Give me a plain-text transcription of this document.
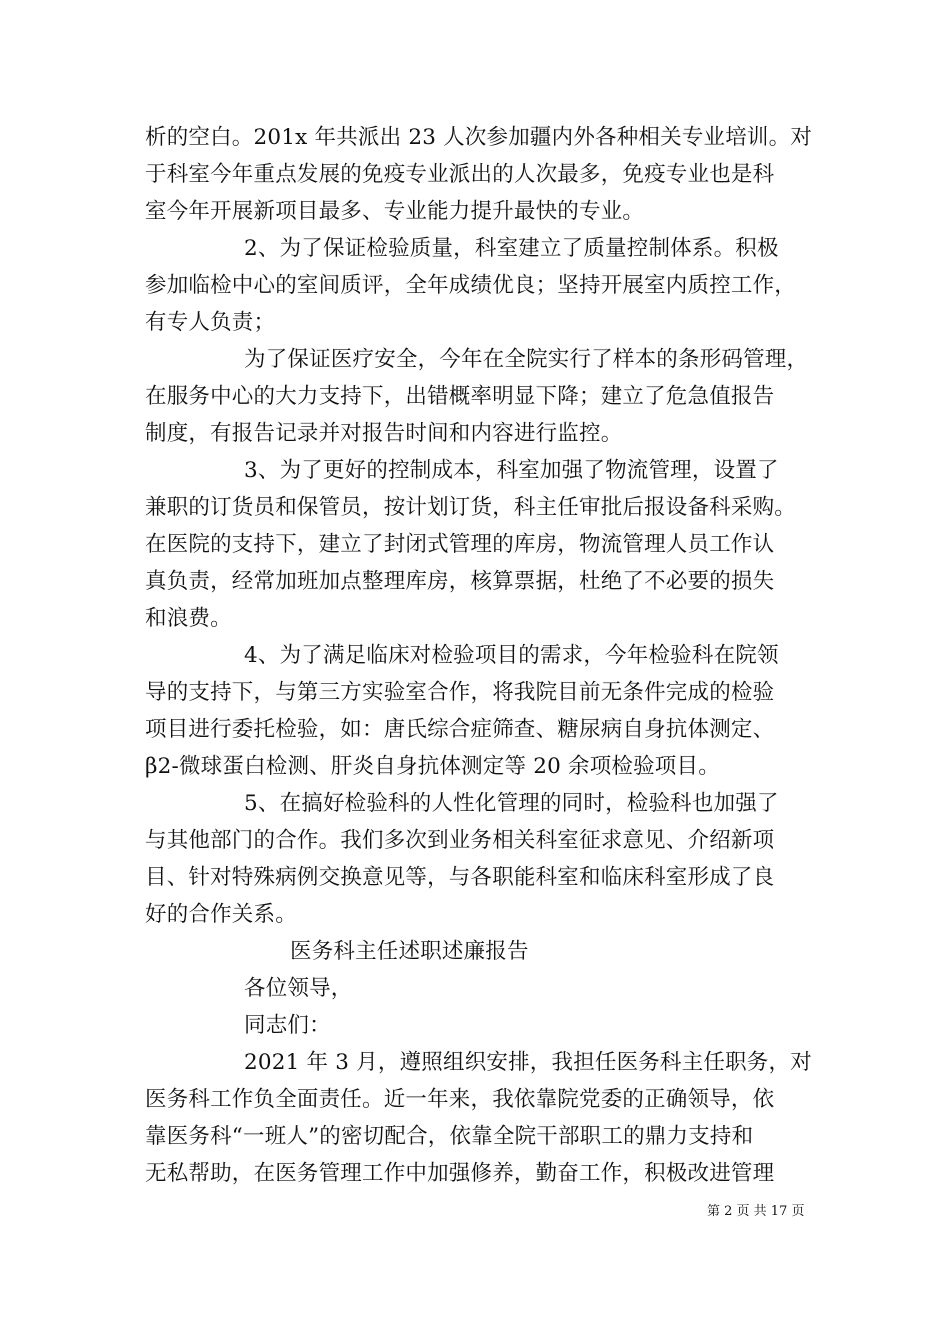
析的空白。201x 年共派出 23 人次参加疆内外各种相关专业培训。对
于科室今年重点发展的免疫专业派出的人次最多，免疫专业也是科
室今年开展新项目最多、专业能力提升最快的专业。
2、为了保证检验质量，科室建立了质量控制体系。积极
参加临检中心的室间质评，全年成绩优良；坚持开展室内质控工作，
有专人负责；
为了保证医疗安全，今年在全院实行了样本的条形码管理，
在服务中心的大力支持下，出错概率明显下降；建立了危急值报告
制度，有报告记录并对报告时间和内容进行监控。
3、为了更好的控制成本，科室加强了物流管理，设置了
兼职的订货员和保管员，按计划订货，科主任审批后报设备科采购。
在医院的支持下，建立了封闭式管理的库房，物流管理人员工作认
真负责，经常加班加点整理库房，核算票据，杜绝了不必要的损失
和浪费。
4、为了满足临床对检验项目的需求，今年检验科在院领
导的支持下，与第三方实验室合作，将我院目前无条件完成的检验
项目进行委托检验，如：唐氏综合症筛查、糖尿病自身抗体测定、
β2-微球蛋白检测、肝炎自身抗体测定等 20 余项检验项目。
5、在搞好检验科的人性化管理的同时，检验科也加强了
与其他部门的合作。我们多次到业务相关科室征求意见、介绍新项
目、针对特殊病例交换意见等，与各职能科室和临床科室形成了良
好的合作关系。
医务科主任述职述廉报告
各位领导，
同志们：
2021 年 3 月，遵照组织安排，我担任医务科主任职务，对
医务科工作负全面责任。近一年来，我依靠院党委的正确领导，依
靠医务科“一班人”的密切配合，依靠全院干部职工的鼎力支持和
无私帮助，在医务管理工作中加强修养，勤奋工作，积极改进管理
第 2 页 共 17 页
